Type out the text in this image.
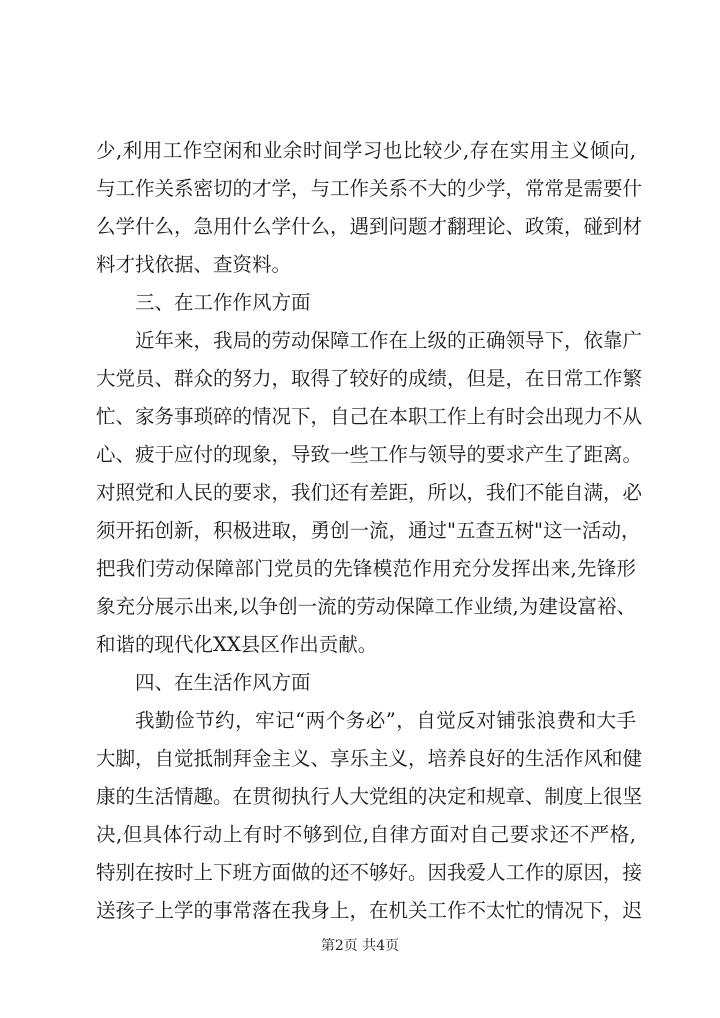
少,利用工作空闲和业余时间学习也比较少,存在实用主义倾向,
与工作关系密切的才学，与工作关系不大的少学，常常是需要什
么学什么，急用什么学什么，遇到问题才翻理论、政策，碰到材
料才找依据、查资料。
三、在工作作风方面
近年来，我局的劳动保障工作在上级的正确领导下，依靠广
大党员、群众的努力，取得了较好的成绩，但是，在日常工作繁
忙、家务事琐碎的情况下，自己在本职工作上有时会出现力不从
心、疲于应付的现象，导致一些工作与领导的要求产生了距离。
对照党和人民的要求，我们还有差距，所以，我们不能自满，必
须开拓创新，积极进取，勇创一流，通过"五查五树"这一活动，
把我们劳动保障部门党员的先锋模范作用充分发挥出来,先锋形
象充分展示出来,以争创一流的劳动保障工作业绩,为建设富裕、
和谐的现代化XX县区作出贡献。
四、在生活作风方面
我勤俭节约，牢记“两个务必”，自觉反对铺张浪费和大手
大脚，自觉抵制拜金主义、享乐主义，培养良好的生活作风和健
康的生活情趣。在贯彻执行人大党组的决定和规章、制度上很坚
决,但具体行动上有时不够到位,自律方面对自己要求还不严格,
特别在按时上下班方面做的还不够好。因我爱人工作的原因，接
送孩子上学的事常落在我身上，在机关工作不太忙的情况下，迟
第2页 共4页
